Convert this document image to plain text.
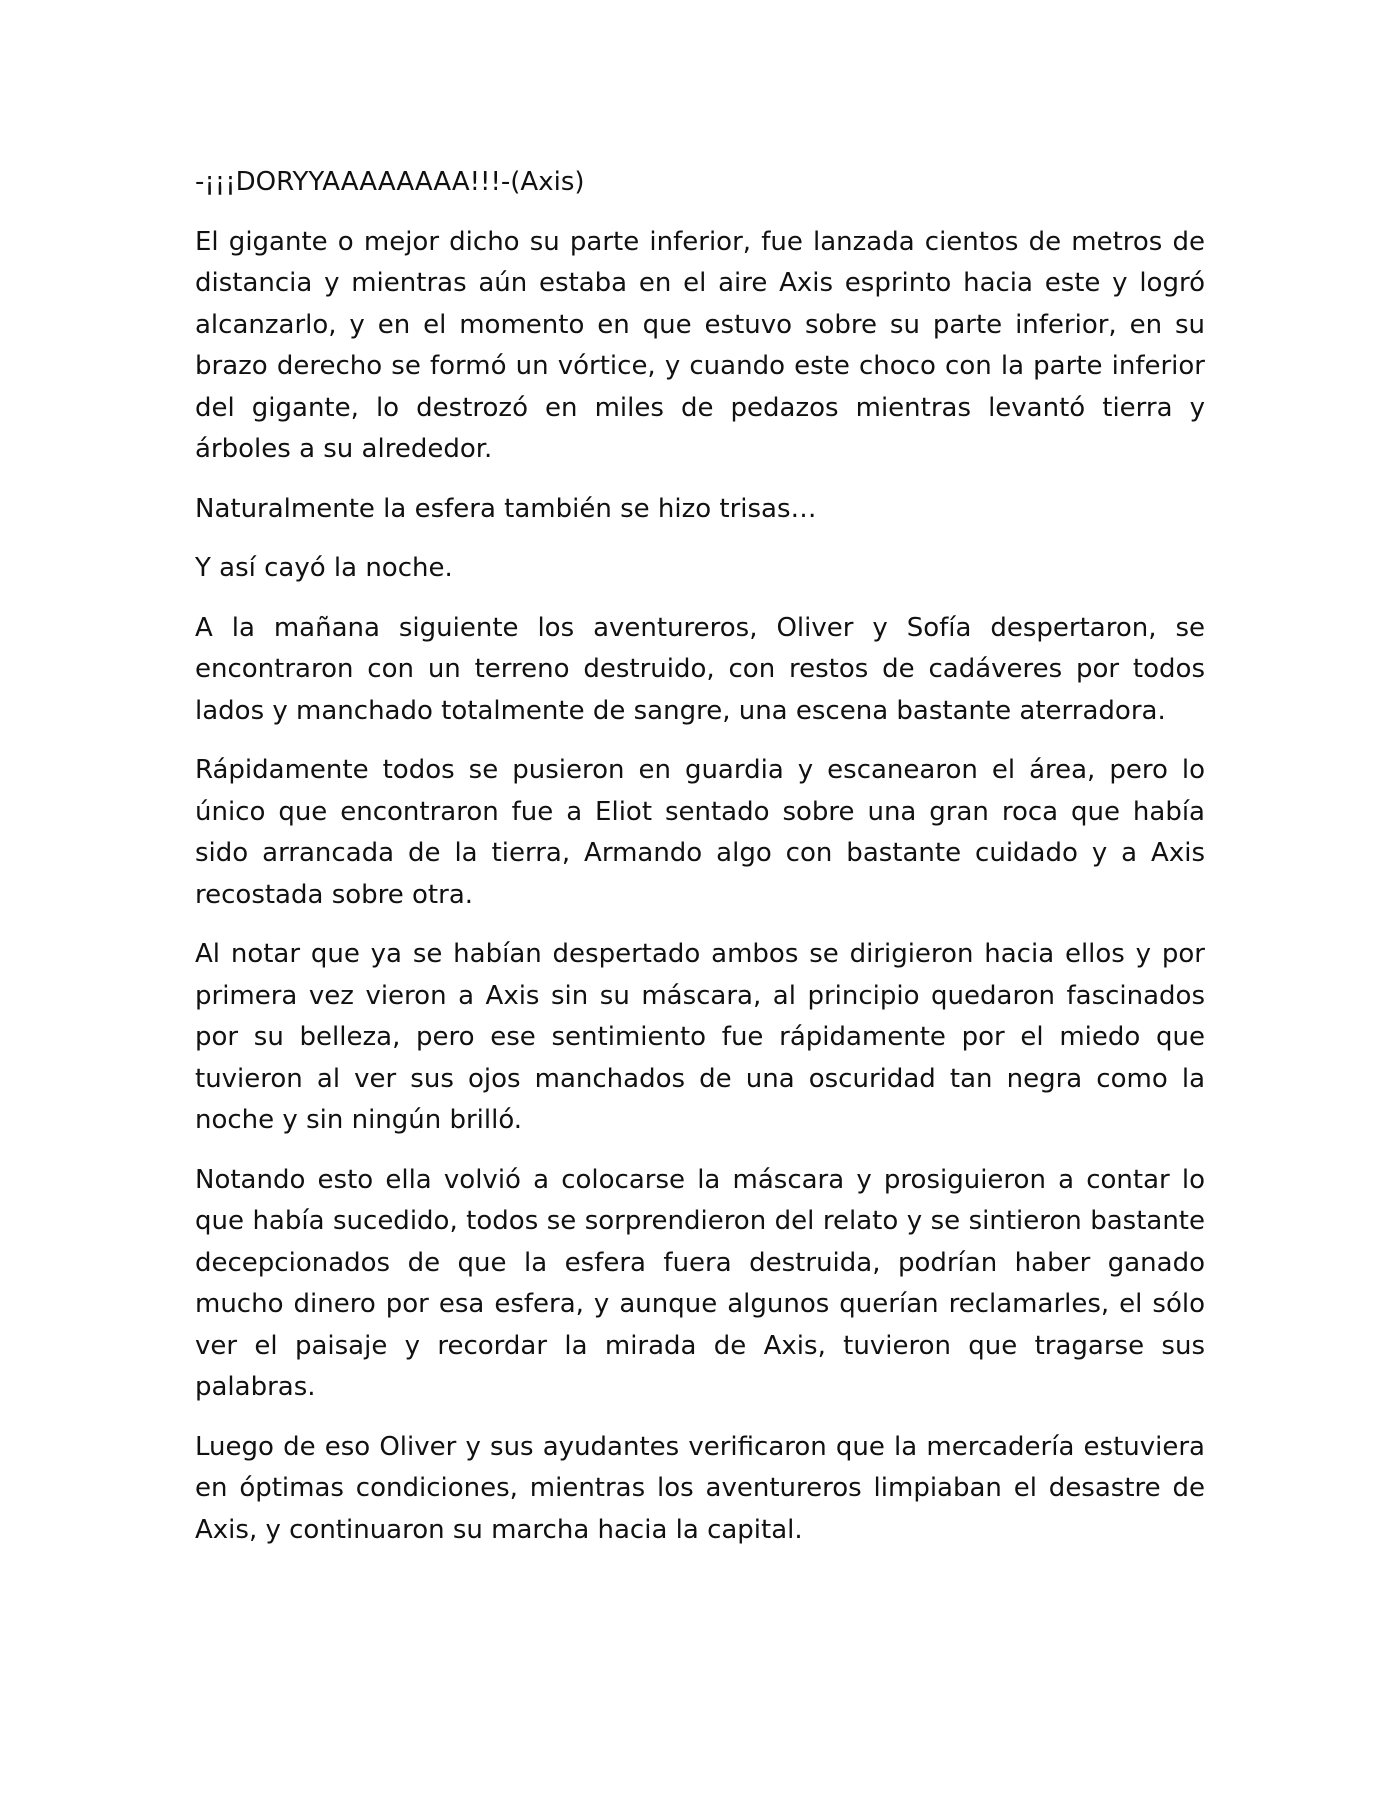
-¡¡¡DORYYAAAAAAAA!!!-(Axis)

El gigante o mejor dicho su parte inferior, fue lanzada cientos de metros de distancia y mientras aún estaba en el aire Axis esprinto hacia este y logró alcanzarlo, y en el momento en que estuvo sobre su parte inferior, en su brazo derecho se formó un vórtice, y cuando este choco con la parte inferior del gigante, lo destrozó en miles de pedazos mientras levantó tierra y árboles a su alrededor.

Naturalmente la esfera también se hizo trisas…

Y así cayó la noche.

A la mañana siguiente los aventureros, Oliver y Sofía despertaron, se encontraron con un terreno destruido, con restos de cadáveres por todos lados y manchado totalmente de sangre, una escena bastante aterradora.

Rápidamente todos se pusieron en guardia y escanearon el área, pero lo único que encontraron fue a Eliot sentado sobre una gran roca que había sido arrancada de la tierra, Armando algo con bastante cuidado y a Axis recostada sobre otra.

Al notar que ya se habían despertado ambos se dirigieron hacia ellos y por primera vez vieron a Axis sin su máscara, al principio quedaron fascinados por su belleza, pero ese sentimiento fue rápidamente por el miedo que tuvieron al ver sus ojos manchados de una oscuridad tan negra como la noche y sin ningún brilló.

Notando esto ella volvió a colocarse la máscara y prosiguieron a contar lo que había sucedido, todos se sorprendieron del relato y se sintieron bastante decepcionados de que la esfera fuera destruida, podrían haber ganado mucho dinero por esa esfera, y aunque algunos querían reclamarles, el sólo ver el paisaje y recordar la mirada de Axis, tuvieron que tragarse sus palabras.

Luego de eso Oliver y sus ayudantes verificaron que la mercadería estuviera en óptimas condiciones, mientras los aventureros limpiaban el desastre de Axis, y continuaron su marcha hacia la capital.
